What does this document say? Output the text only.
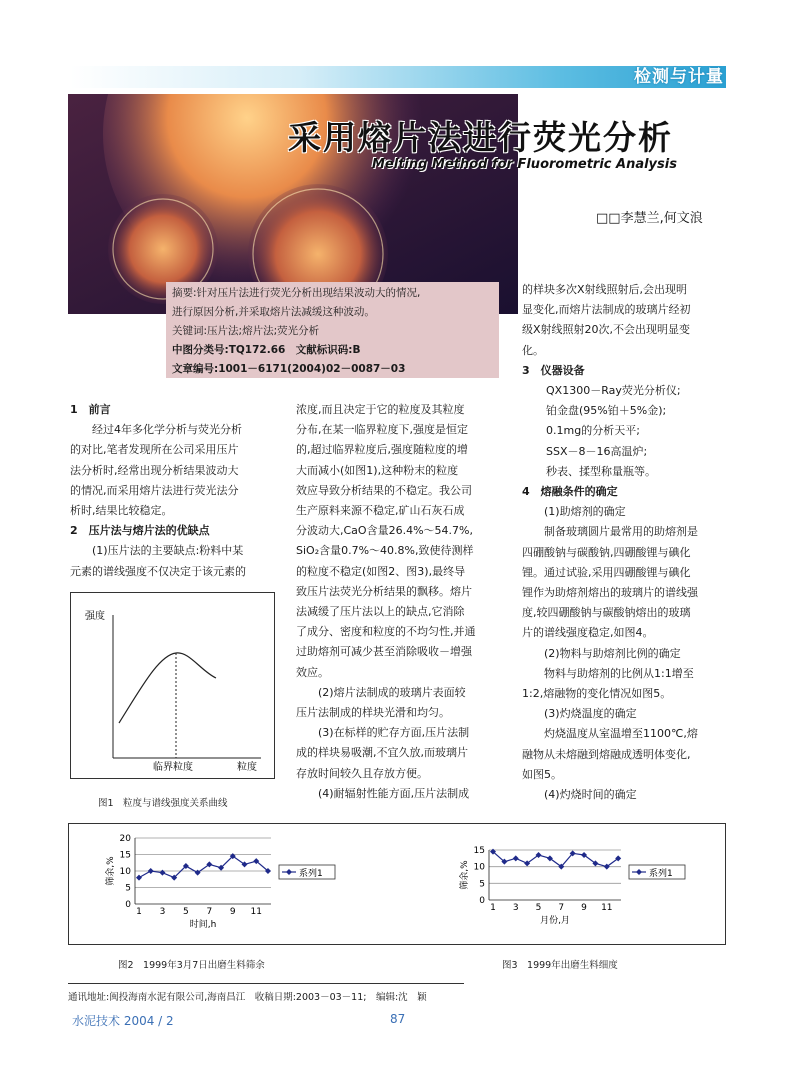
检测与计量
采用熔片法进行荧光分析
Melting Method for Fluorometric Analysis
□□李慧兰,何文浪
摘要:针对压片法进行荧光分析出现结果波动大的情况,
进行原因分析,并采取熔片法减缓这种波动。
关键词:压片法;熔片法;荧光分析
中图分类号:TQ172.66　文献标识码:B
文章编号:1001－6171(2004)02－0087－03

1　前言

经过4年多化学分析与荧光分析

的对比,笔者发现所在公司采用压片

法分析时,经常出现分析结果波动大

的情况,而采用熔片法进行荧光法分

析时,结果比较稳定。

2　压片法与熔片法的优缺点

(1)压片法的主要缺点:粉料中某

元素的谱线强度不仅决定于该元素的

强度
临界粒度	粒度
图1　粒度与谱线强度关系曲线

浓度,而且决定于它的粒度及其粒度

分布,在某一临界粒度下,强度是恒定

的,超过临界粒度后,强度随粒度的增

大而减小(如图1),这种粉末的粒度

效应导致分析结果的不稳定。我公司

生产原料来源不稳定,矿山石灰石成

分波动大,CaO含量26.4%～54.7%,

SiO₂含量0.7%～40.8%,致使待测样

的粒度不稳定(如图2、图3),最终导

致压片法荧光分析结果的飘移。熔片

法减缓了压片法以上的缺点,它消除

了成分、密度和粒度的不均匀性,并通

过助熔剂可减少甚至消除吸收－增强

效应。

(2)熔片法制成的玻璃片表面较

压片法制成的样块光滑和均匀。

(3)在标样的贮存方面,压片法制

成的样块易吸潮,不宜久放,而玻璃片

存放时间较久且存放方便。

(4)耐辐射性能方面,压片法制成

的样块多次X射线照射后,会出现明

显变化,而熔片法制成的玻璃片经初

级X射线照射20次,不会出现明显变

化。

3　仪器设备

QX1300－Ray荧光分析仪;

铂金盘(95%铂＋5%金);

0.1mg的分析天平;

SSX－8－16高温炉;

秒表、揉型称量瓶等。

4　熔融条件的确定

(1)助熔剂的确定

制备玻璃圆片最常用的助熔剂是

四硼酸钠与碳酸钠,四硼酸锂与碘化

锂。通过试验,采用四硼酸锂与碘化

锂作为助熔剂熔出的玻璃片的谱线强

度,较四硼酸钠与碳酸钠熔出的玻璃

片的谱线强度稳定,如图4。

(2)物料与助熔剂比例的确定

物料与助熔剂的比例从1:1增至

1:2,熔融物的变化情况如图5。

(3)灼烧温度的确定

灼烧温度从室温增至1100℃,熔

融物从未熔融到熔融成透明体变化,

如图5。

(4)灼烧时间的确定

0
5
10
15
20
1 3 5 7 9 11
时间,h
筛余,%	系列1
0
5
10
15
1 3 5 7 9 11
月份,月
筛余,%	系列1
图2　1999年3月7日出磨生料筛余	图3　1999年出磨生料细度
通讯地址:闽投海南水泥有限公司,海南昌江　收稿日期:2003－03－11;　编辑:沈　颖
水泥技术 2004 / 2	87
